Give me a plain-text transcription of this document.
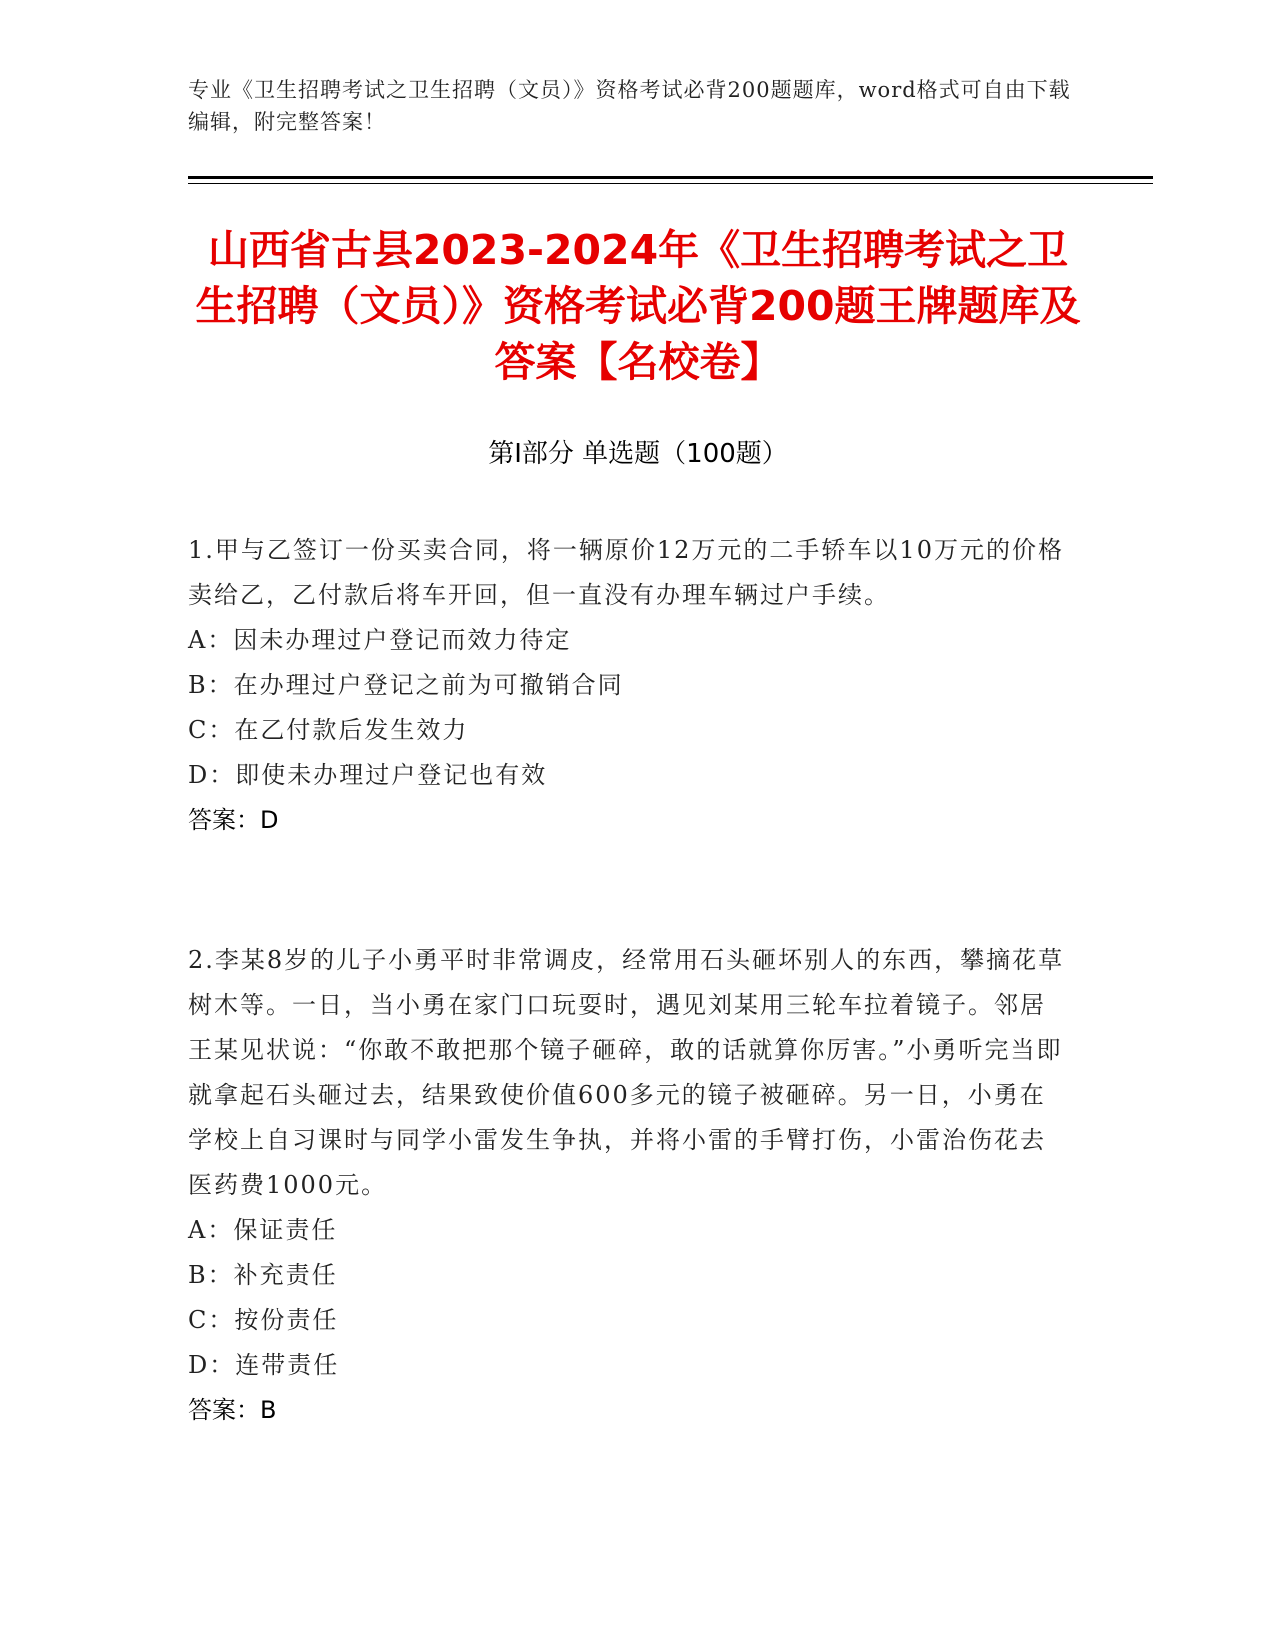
专业《卫生招聘考试之卫生招聘（文员）》资格考试必背200题题库，word格式可自由下载编辑，附完整答案！
山西省古县2023-2024年《卫生招聘考试之卫生招聘（文员）》资格考试必背200题王牌题库及答案【名校卷】
第Ⅰ部分 单选题（100题）
1.甲与乙签订一份买卖合同，将一辆原价12万元的二手轿车以10万元的价格卖给乙，乙付款后将车开回，但一直没有办理车辆过户手续。
A：因未办理过户登记而效力待定
B：在办理过户登记之前为可撤销合同
C：在乙付款后发生效力
D：即使未办理过户登记也有效
答案：D
2.李某8岁的儿子小勇平时非常调皮，经常用石头砸坏别人的东西，攀摘花草树木等。一日，当小勇在家门口玩耍时，遇见刘某用三轮车拉着镜子。邻居王某见状说：“你敢不敢把那个镜子砸碎，敢的话就算你厉害。”小勇听完当即就拿起石头砸过去，结果致使价值600多元的镜子被砸碎。另一日，小勇在学校上自习课时与同学小雷发生争执，并将小雷的手臂打伤，小雷治伤花去医药费1000元。
A：保证责任
B：补充责任
C：按份责任
D：连带责任
答案：B
